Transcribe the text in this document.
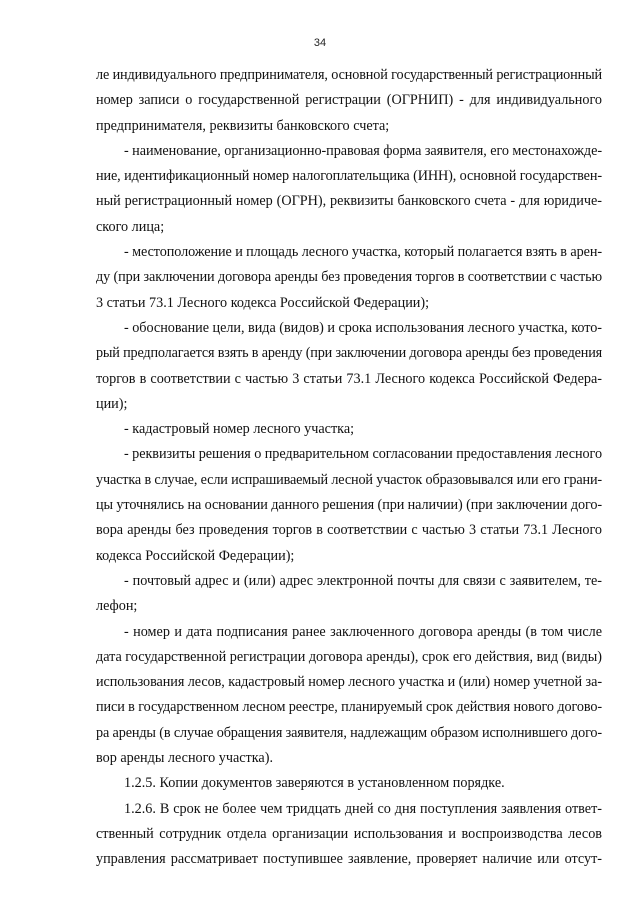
34
ле индивидуального предпринимателя, основной государственный регистрационный
номер записи о государственной регистрации (ОГРНИП) - для индивидуального
предпринимателя, реквизиты банковского счета;
- наименование, организационно-правовая форма заявителя, его местонахожде-
ние, идентификационный номер налогоплательщика (ИНН), основной государствен-
ный регистрационный номер (ОГРН), реквизиты банковского счета - для юридиче-
ского лица;
- местоположение и площадь лесного участка, который полагается взять в арен-
ду (при заключении договора аренды без проведения торгов в соответствии с частью
3 статьи 73.1 Лесного кодекса Российской Федерации);
- обоснование цели, вида (видов) и срока использования лесного участка, кото-
рый предполагается взять в аренду (при заключении договора аренды без проведения
торгов в соответствии с частью 3 статьи 73.1 Лесного кодекса Российской Федера-
ции);
- кадастровый номер лесного участка;
- реквизиты решения о предварительном согласовании предоставления лесного
участка в случае, если испрашиваемый лесной участок образовывался или его грани-
цы уточнялись на основании данного решения (при наличии) (при заключении дого-
вора аренды без проведения торгов в соответствии с частью 3 статьи 73.1 Лесного
кодекса Российской Федерации);
- почтовый адрес и (или) адрес электронной почты для связи с заявителем, те-
лефон;
- номер и дата подписания ранее заключенного договора аренды (в том числе
дата государственной регистрации договора аренды), срок его действия, вид (виды)
использования лесов, кадастровый номер лесного участка и (или) номер учетной за-
писи в государственном лесном реестре, планируемый срок действия нового догово-
ра аренды (в случае обращения заявителя, надлежащим образом исполнившего дого-
вор аренды лесного участка).
1.2.5. Копии документов заверяются в установленном порядке.
1.2.6. В срок не более чем тридцать дней со дня поступления заявления ответ-
ственный сотрудник отдела организации использования и воспроизводства лесов
управления рассматривает поступившее заявление, проверяет наличие или отсут-
